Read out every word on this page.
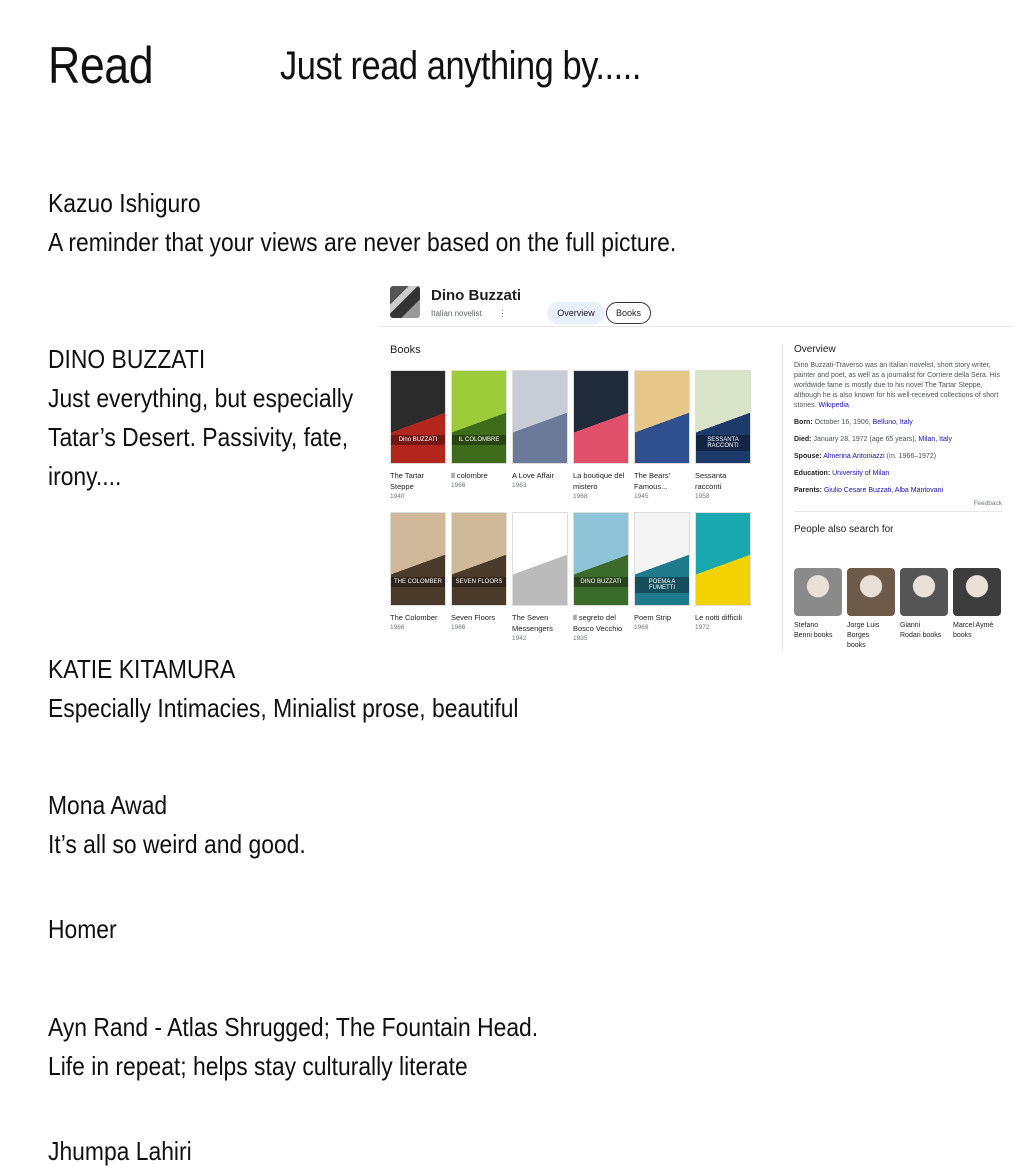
Read	Just read anything by.....
Kazuo Ishiguro
A reminder that your views are never based on the full picture.
DINO BUZZATI
Just everything, but especially
Tatar’s Desert. Passivity, fate,
irony....
KATIE KITAMURA
Especially Intimacies, Minialist prose, beautiful
Mona Awad
It’s all so weird and good.
Homer
Ayn Rand - Atlas Shrugged; The Fountain Head.
Life in repeat; helps stay culturally literate
Jhumpa Lahiri
Dino Buzzati
Italian novelist ⋮	Overview	Books
Books
Dino BUZZATI
The Tartar
Steppe
1940
IL COLOMBRE
Il colombre
1966
A Love Affair
1963
La boutique del
mistero
1968
The Bears'
Famous...
1945
SESSANTA RACCONTI
Sessanta
racconti
1958
THE COLOMBER
The Colomber
1966
SEVEN FLOORS
Seven Floors
1966
The Seven
Messengers
1942
DINO BUZZATI
Il segreto del
Bosco Vecchio
1935
POEMA A FUMETTI
Poem Strip
1969
Le notti difficili
1972
Overview
Dino Buzzati-Traverso was an Italian novelist, short story writer, painter and poet, as well as a journalist for Corriere della Sera. His worldwide fame is mostly due to his novel The Tartar Steppe, although he is also known for his well-received collections of short stories. Wikipedia
Born: October 16, 1906, Belluno, Italy
Died: January 28, 1972 (age 65 years), Milan, Italy
Spouse: Almerina Antoniazzi (m. 1966–1972)
Education: University of Milan
Parents: Giulio Cesare Buzzati, Alba Mantovani
Feedback
People also search for
Stefano
Benni books
Jorge Luis
Borges
books
Gianni
Rodari books
Marcel Aymé
books
